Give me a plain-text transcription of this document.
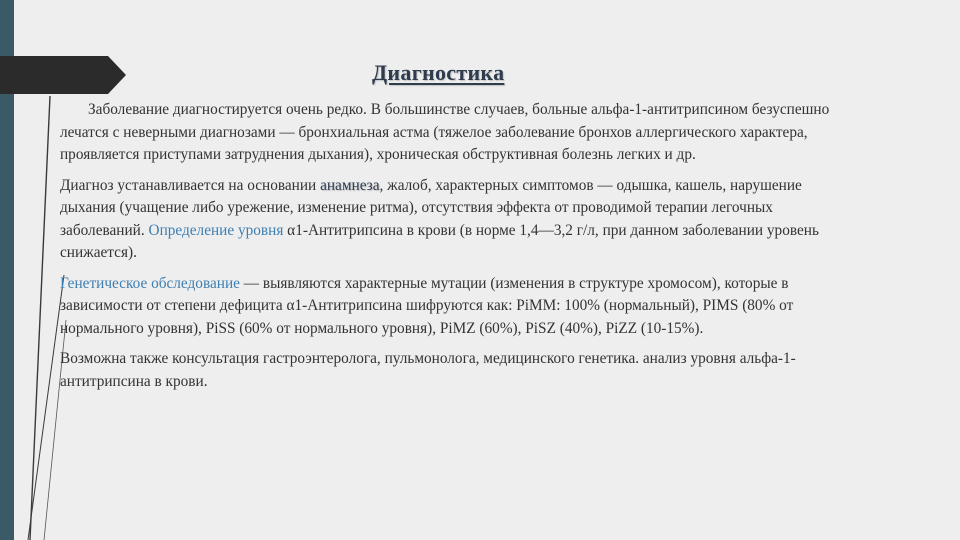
Диагностика

Заболевание диагностируется очень редко. В большинстве случаев, больные альфа-1-антитрипсином безуспешно лечатся с неверными диагнозами — бронхиальная астма (тяжелое заболевание бронхов аллергического характера, проявляется приступами затруднения дыхания), хроническая обструктивная болезнь легких и др.

Диагноз устанавливается на основании анамнеза, жалоб, характерных симптомов — одышка, кашель, нарушение дыхания (учащение либо урежение, изменение ритма), отсутствия эффекта от проводимой терапии легочных заболеваний. Определение уровня α1-Антитрипсина в крови (в норме 1,4—3,2 г/л, при данном заболевании уровень снижается).

Генетическое обследование — выявляются характерные мутации (изменения в структуре хромосом), которые в зависимости от степени дефицита α1-Антитрипсина шифруются как: PiMM: 100% (нормальный), PIMS (80% от нормального уровня), PiSS (60% от нормального уровня), PiMZ (60%), PiSZ (40%), PiZZ (10-15%).

Возможна также консультация гастроэнтеролога, пульмонолога, медицинского генетика. анализ уровня альфа-1-антитрипсина в крови.
